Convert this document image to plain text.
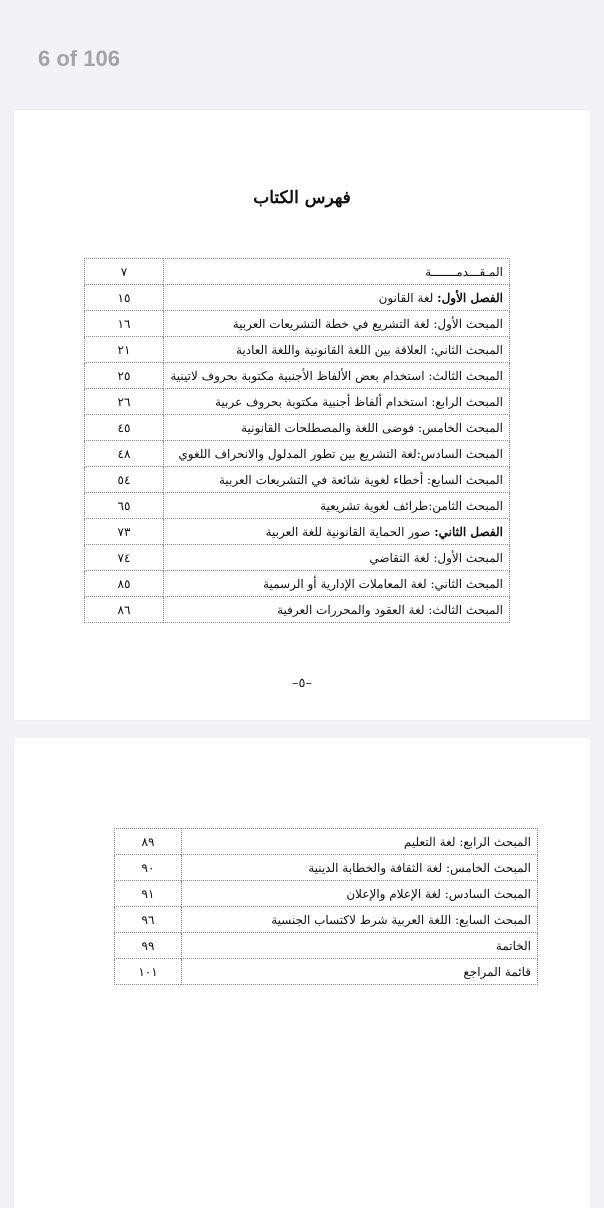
6 of 106
فهرس الكتاب
المـقـــدمـــــــة	٧
الفصل الأول: لغة القانون	١٥
المبحث الأول: لغة التشريع في خطة التشريعات العربية	١٦
المبحث الثاني: العلاقة بين اللغة القانونية واللغة العادية	٢١
المبحث الثالث: استخدام بعض الألفاظ الأجنبية مكتوبة بحروف لاتينية	٢٥
المبحث الرابع: استخدام ألفاظ أجنبية مكتوبة بحروف عربية	٢٦
المبحث الخامس: فوضى اللغة والمصطلحات القانونية	٤٥
المبحث السادس:لغة التشريع بين تطور المدلول والانحراف اللغوي	٤٨
المبحث السابع: أخطاء لغوية شائعة في التشريعات العربية	٥٤
المبحث الثامن:طرائف لغوية تشريعية	٦٥
الفصل الثاني: صور الحماية القانونية للغة العربية	٧٣
المبحث الأول: لغة التقاضي	٧٤
المبحث الثاني: لغة المعاملات الإدارية أو الرسمية	٨٥
المبحث الثالث: لغة العقود والمحررات العرفية	٨٦
–٥–
المبحث الرابع: لغة التعليم	٨٩
المبحث الخامس: لغة الثقافة والخطابة الدينية	٩٠
المبحث السادس: لغة الإعلام والإعلان	٩١
المبحث السابع: اللغة العربية شرط لاكتساب الجنسية	٩٦
الخاتمة	٩٩
قائمة المراجع	١٠١
